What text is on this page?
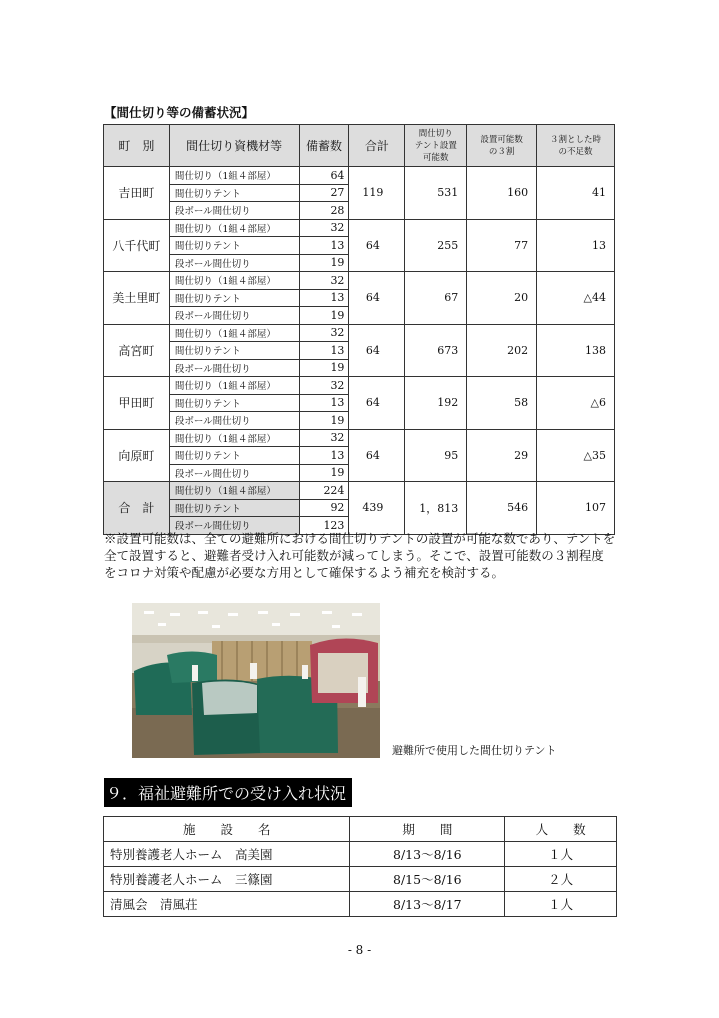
【間仕切り等の備蓄状況】
町　別	間仕切り資機材等	備蓄数	合計	間仕切り
テント設置
可能数	設置可能数
の３割	３割とした時
の不足数
吉田町	間仕切り（1組４部屋）	64	119	531	160	41
	間仕切りテント	27				
	段ボール間仕切り	28				
八千代町	間仕切り（1組４部屋）	32	64	255	77	13
	間仕切りテント	13				
	段ボール間仕切り	19				
美土里町	間仕切り（1組４部屋）	32	64	67	20	△44
	間仕切りテント	13				
	段ボール間仕切り	19				
高宮町	間仕切り（1組４部屋）	32	64	673	202	138
	間仕切りテント	13				
	段ボール間仕切り	19				
甲田町	間仕切り（1組４部屋）	32	64	192	58	△6
	間仕切りテント	13				
	段ボール間仕切り	19				
向原町	間仕切り（1組４部屋）	32	64	95	29	△35
	間仕切りテント	13				
	段ボール間仕切り	19				
合　計	間仕切り（1組４部屋）	224	439	1，813	546	107
	間仕切りテント	92				
	段ボール間仕切り	123				
※設置可能数は、全ての避難所における間仕切りテントの設置が可能な数であり、テントを全て設置すると、避難者受け入れ可能数が減ってしまう。そこで、設置可能数の３割程度をコロナ対策や配慮が必要な方用として確保するよう補充を検討する。
避難所で使用した間仕切りテント
９．福祉避難所での受け入れ状況
施　　設　　名	期　　間	人　　数
特別養護老人ホーム　高美園	8/13～8/16	１人
特別養護老人ホーム　三篠園	8/15～8/16	２人
清風会　清風荘	8/13～8/17	１人
- 8 -
